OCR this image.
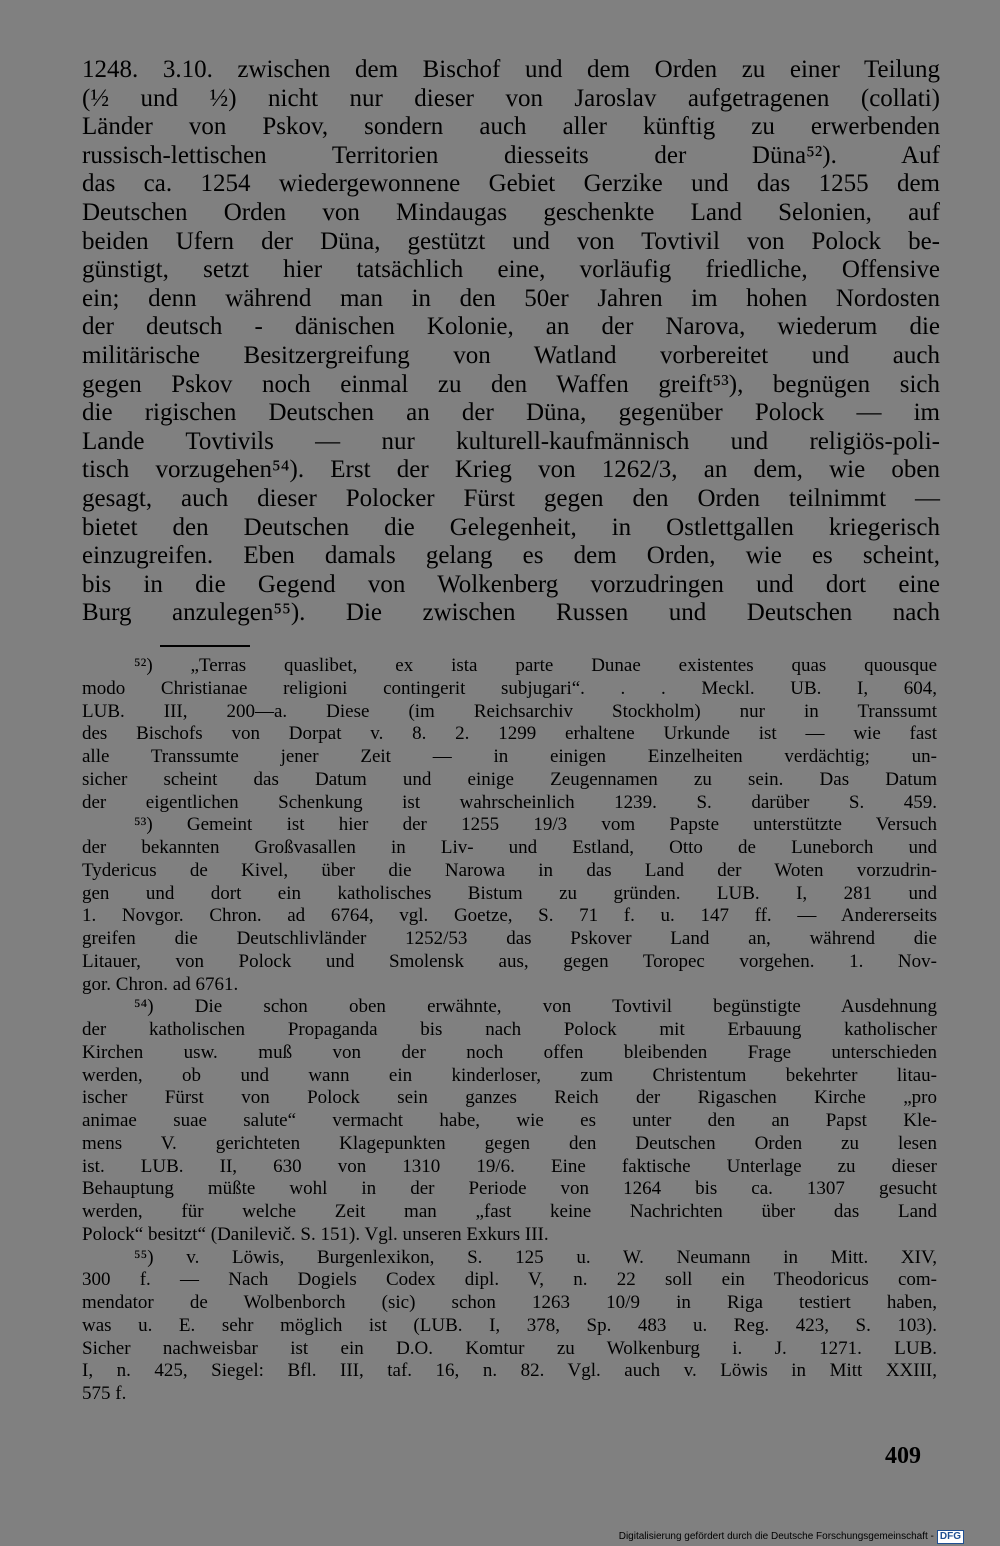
1248. 3.10. zwischen dem Bischof und dem Orden zu einer Teilung
(½ und ½) nicht nur dieser von Jaroslav aufgetragenen (collati)
Länder von Pskov, sondern auch aller künftig zu erwerbenden
russisch-lettischen Territorien diesseits der Düna⁵²). Auf
das ca. 1254 wiedergewonnene Gebiet Gerzike und das 1255 dem
Deutschen Orden von Mindaugas geschenkte Land Selonien, auf
beiden Ufern der Düna, gestützt und von Tovtivil von Polock be-
günstigt, setzt hier tatsächlich eine, vorläufig friedliche, Offensive
ein; denn während man in den 50er Jahren im hohen Nordosten
der deutsch - dänischen Kolonie, an der Narova, wiederum die
militärische Besitzergreifung von Watland vorbereitet und auch
gegen Pskov noch einmal zu den Waffen greift⁵³), begnügen sich
die rigischen Deutschen an der Düna, gegenüber Polock — im
Lande Tovtivils — nur kulturell-kaufmännisch und religiös-poli-
tisch vorzugehen⁵⁴). Erst der Krieg von 1262/3, an dem, wie oben
gesagt, auch dieser Polocker Fürst gegen den Orden teilnimmt —
bietet den Deutschen die Gelegenheit, in Ostlettgallen kriegerisch
einzugreifen. Eben damals gelang es dem Orden, wie es scheint,
bis in die Gegend von Wolkenberg vorzudringen und dort eine
Burg anzulegen⁵⁵). Die zwischen Russen und Deutschen nach
⁵²) „Terras quaslibet, ex ista parte Dunae existentes quas quousque
modo Christianae religioni contingerit subjugari“. . . Meckl. UB. I, 604,
LUB. III, 200—a. Diese (im Reichsarchiv Stockholm) nur in Transsumt
des Bischofs von Dorpat v. 8. 2. 1299 erhaltene Urkunde ist — wie fast
alle Transsumte jener Zeit — in einigen Einzelheiten verdächtig; un-
sicher scheint das Datum und einige Zeugennamen zu sein. Das Datum
der eigentlichen Schenkung ist wahrscheinlich 1239. S. darüber S. 459.
⁵³) Gemeint ist hier der 1255 19/3 vom Papste unterstützte Versuch
der bekannten Großvasallen in Liv- und Estland, Otto de Luneborch und
Tydericus de Kivel, über die Narowa in das Land der Woten vorzudrin-
gen und dort ein katholisches Bistum zu gründen. LUB. I, 281 und
1. Novgor. Chron. ad 6764, vgl. Goetze, S. 71 f. u. 147 ff. — Andererseits
greifen die Deutschlivländer 1252/53 das Pskover Land an, während die
Litauer, von Polock und Smolensk aus, gegen Toropec vorgehen. 1. Nov-
gor. Chron. ad 6761.
⁵⁴) Die schon oben erwähnte, von Tovtivil begünstigte Ausdehnung
der katholischen Propaganda bis nach Polock mit Erbauung katholischer
Kirchen usw. muß von der noch offen bleibenden Frage unterschieden
werden, ob und wann ein kinderloser, zum Christentum bekehrter litau-
ischer Fürst von Polock sein ganzes Reich der Rigaschen Kirche „pro
animae suae salute“ vermacht habe, wie es unter den an Papst Kle-
mens V. gerichteten Klagepunkten gegen den Deutschen Orden zu lesen
ist. LUB. II, 630 von 1310 19/6. Eine faktische Unterlage zu dieser
Behauptung müßte wohl in der Periode von 1264 bis ca. 1307 gesucht
werden, für welche Zeit man „fast keine Nachrichten über das Land
Polock“ besitzt“ (Danilevič. S. 151). Vgl. unseren Exkurs III.
⁵⁵) v. Löwis, Burgenlexikon, S. 125 u. W. Neumann in Mitt. XIV,
300 f. — Nach Dogiels Codex dipl. V, n. 22 soll ein Theodoricus com-
mendator de Wolbenborch (sic) schon 1263 10/9 in Riga testiert haben,
was u. E. sehr möglich ist (LUB. I, 378, Sp. 483 u. Reg. 423, S. 103).
Sicher nachweisbar ist ein D.O. Komtur zu Wolkenburg i. J. 1271. LUB.
I, n. 425, Siegel: Bfl. III, taf. 16, n. 82. Vgl. auch v. Löwis in Mitt XXIII,
575 f.
409
Digitalisierung gefördert durch die Deutsche Forschungsgemeinschaft - DFG
